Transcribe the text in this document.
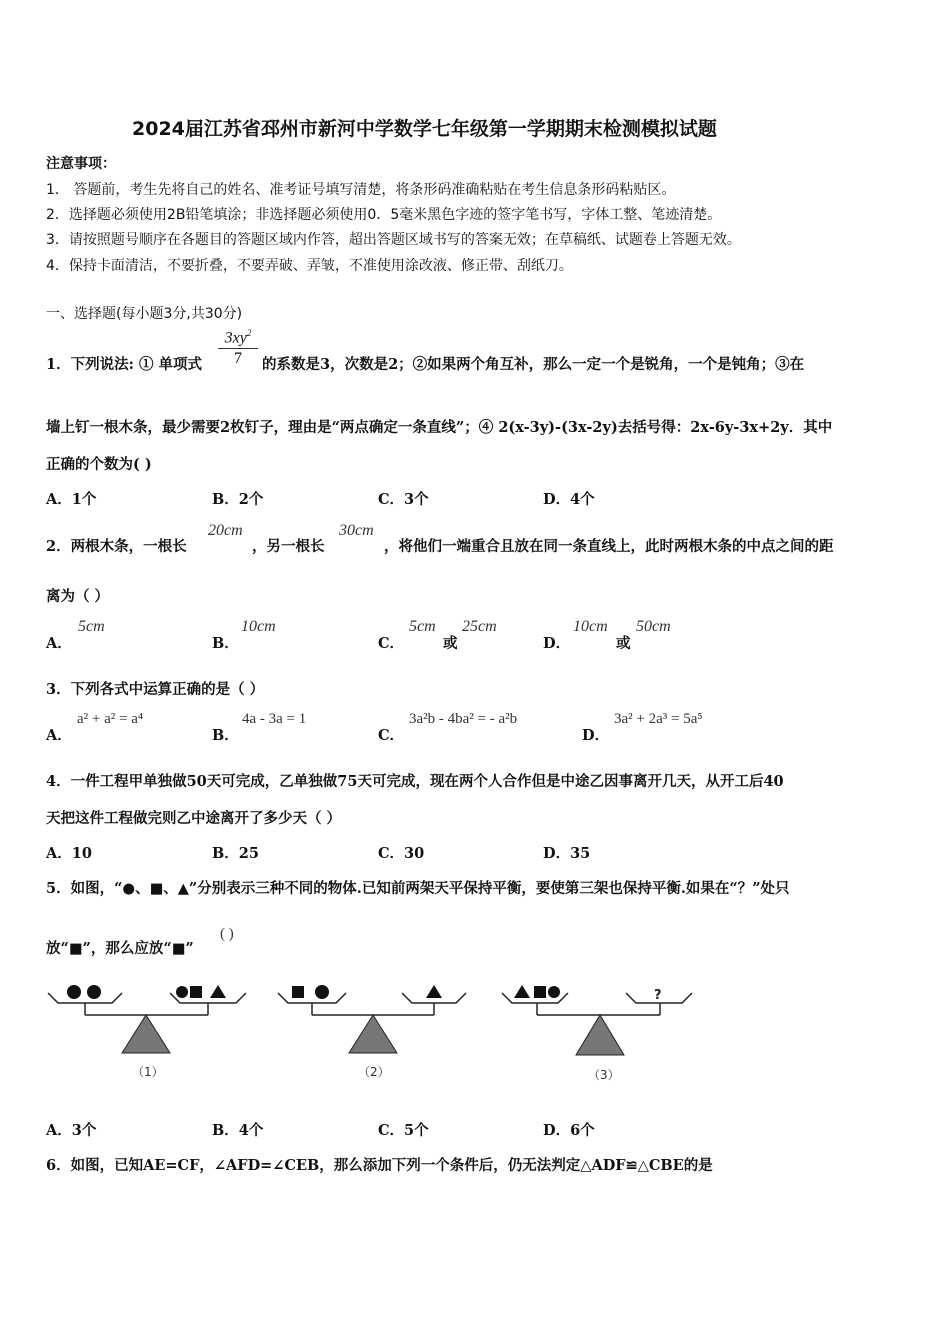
2024届江苏省邳州市新河中学数学七年级第一学期期末检测模拟试题
注意事项：
1． 答题前，考生先将自己的姓名、准考证号填写清楚，将条形码准确粘贴在考生信息条形码粘贴区。
2．选择题必须使用2B铅笔填涂；非选择题必须使用0．5毫米黑色字迹的签字笔书写，字体工整、笔迹清楚。
3．请按照题号顺序在各题目的答题区域内作答，超出答题区域书写的答案无效；在草稿纸、试题卷上答题无效。
4．保持卡面清洁，不要折叠，不要弄破、弄皱，不准使用涂改液、修正带、刮纸刀。
一、选择题(每小题3分,共30分)
1．下列说法: ① 单项式
$3xy^2$
7	的系数是3，次数是2；②如果两个角互补，那么一定一个是锐角，一个是钝角；③在
墙上钉一根木条，最少需要2枚钉子，理由是“两点确定一条直线”；④ 2(x-3y)-(3x-2y)去括号得：2x-6y-3x+2y．其中
正确的个数为( )
A．1个	B．2个	C．3个	D．4个
2．两根木条，一根长
20cm
，另一根长
30cm
，将他们一端重合且放在同一条直线上，此时两根木条的中点之间的距
离为（ ）
A．
5cm
B．
10cm
C．
5cm
或
25cm
D．
10cm
或
50cm
3．下列各式中运算正确的是（ ）
A．
a² + a² = a⁴
B．
4a - 3a = 1
C．
3a²b - 4ba² = - a²b
D．
3a² + 2a³ = 5a⁵
4．一件工程甲单独做50天可完成，乙单独做75天可完成，现在两个人合作但是中途乙因事离开几天，从开工后40
天把这件工程做完则乙中途离开了多少天（ ）
A．10	B．25	C．30	D．35
5．如图，“●、■、▲”分别表示三种不同的物体.已知前两架天平保持平衡，要使第三架也保持平衡.如果在“？”处只
放“■”，那么应放“■”
( )
?
（1）	（2）	（3）
A．3个	B．4个	C．5个	D．6个
6．如图，已知AE=CF，∠AFD=∠CEB，那么添加下列一个条件后，仍无法判定△ADF≌△CBE的是
